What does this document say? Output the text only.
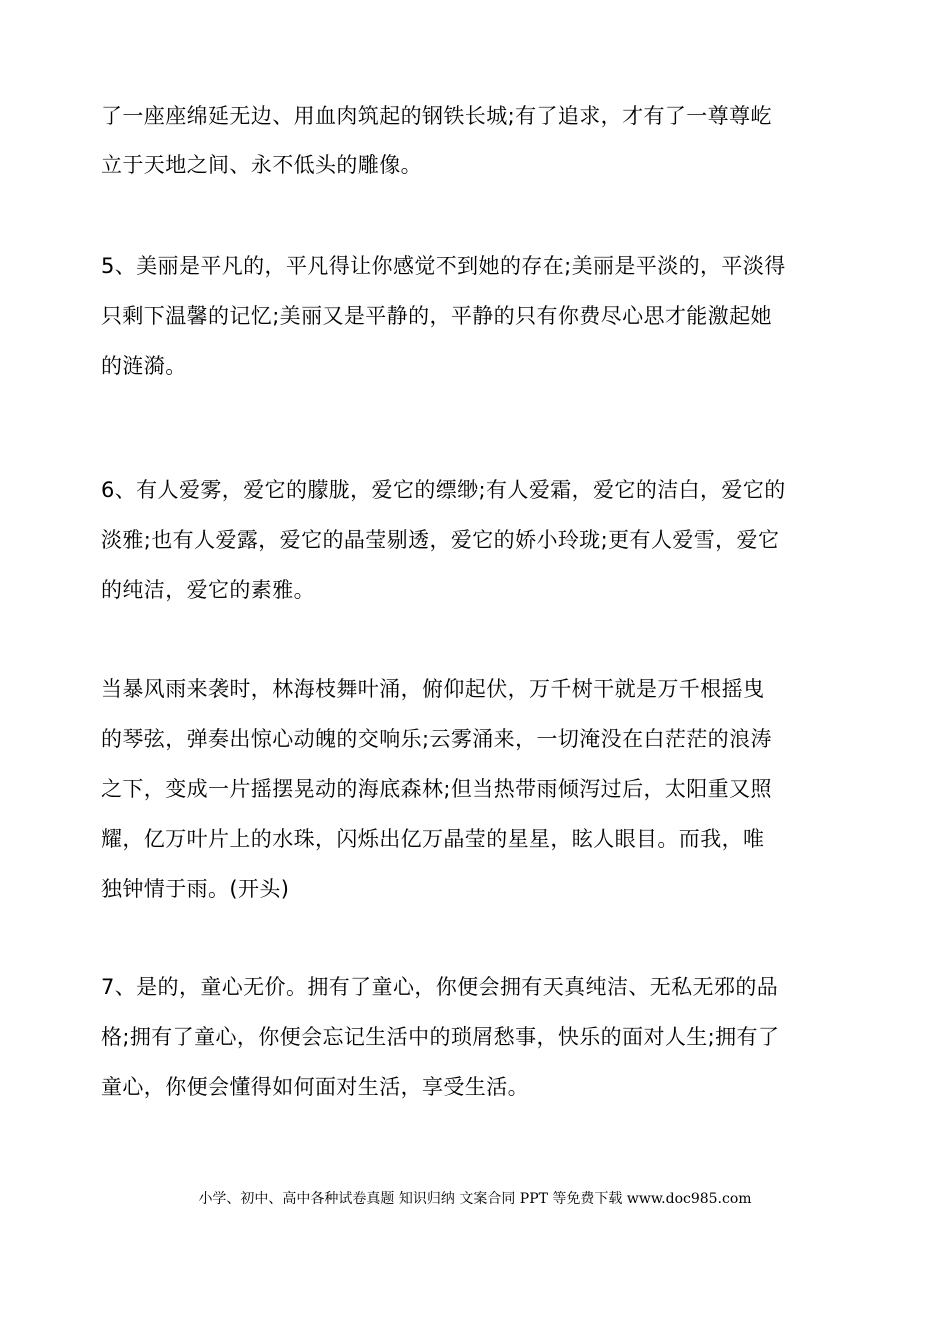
了一座座绵延无边、用血肉筑起的钢铁长城;有了追求，才有了一尊尊屹
立于天地之间、永不低头的雕像。
5、美丽是平凡的，平凡得让你感觉不到她的存在;美丽是平淡的，平淡得
只剩下温馨的记忆;美丽又是平静的，平静的只有你费尽心思才能激起她
的涟漪。
6、有人爱雾，爱它的朦胧，爱它的缥缈;有人爱霜，爱它的洁白，爱它的
淡雅;也有人爱露，爱它的晶莹剔透，爱它的娇小玲珑;更有人爱雪，爱它
的纯洁，爱它的素雅。
当暴风雨来袭时，林海枝舞叶涌，俯仰起伏，万千树干就是万千根摇曳
的琴弦，弹奏出惊心动魄的交响乐;云雾涌来，一切淹没在白茫茫的浪涛
之下，变成一片摇摆晃动的海底森林;但当热带雨倾泻过后，太阳重又照
耀，亿万叶片上的水珠，闪烁出亿万晶莹的星星，眩人眼目。而我，唯
独钟情于雨。(开头)
7、是的，童心无价。拥有了童心，你便会拥有天真纯洁、无私无邪的品
格;拥有了童心，你便会忘记生活中的琐屑愁事，快乐的面对人生;拥有了
童心，你便会懂得如何面对生活，享受生活。
小学、初中、高中各种试卷真题 知识归纳 文案合同 PPT 等免费下载 www.doc985.com
